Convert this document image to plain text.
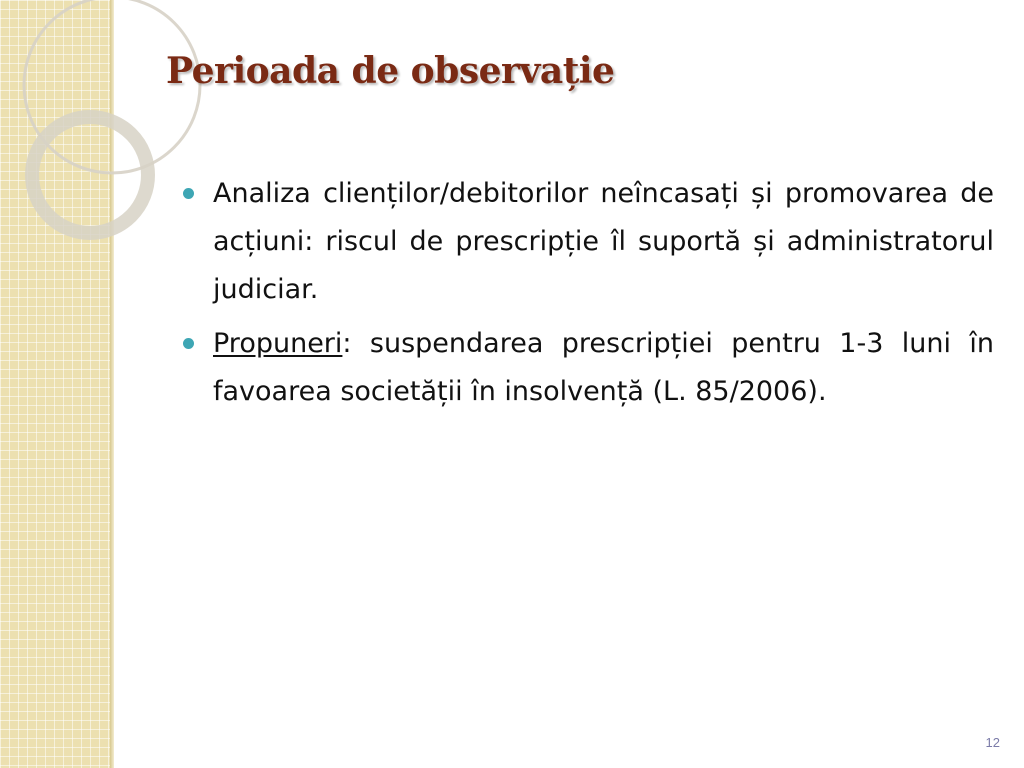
Perioada de observație
Analiza clienților/debitorilor neîncasați și promovarea de acțiuni: riscul de prescripție îl suportă și administratorul judiciar.
Propuneri: suspendarea prescripției pentru 1-3 luni în favoarea societății în insolvență (L. 85/2006).
12
